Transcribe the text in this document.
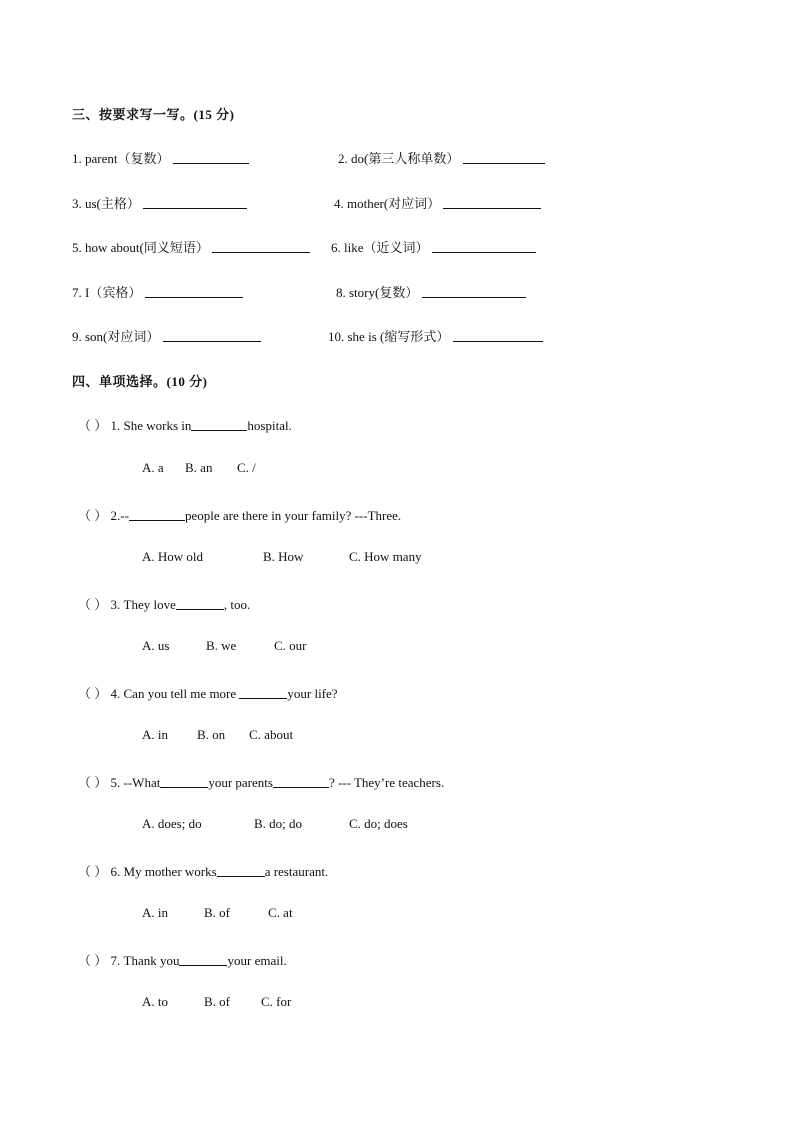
三、按要求写一写。(15 分)
1. parent（复数）	2. do(第三人称单数）
3. us(主格）	4. mother(对应词）
5. how about(同义短语）	6. like（近义词）
7. I（宾格）	8. story(复数）
9. son(对应词）	10. she is (缩写形式）
四、单项选择。(10 分)
（ ） 1. She works in	hospital.
A. a B. an C. /
（ ） 2.--	people are there in your family? ---Three.
A. How old	B. How	C. How many
（ ） 3. They love	, too.
A. us	B. we	C. our
（ ） 4. Can you tell me more	your life?
A. in B. on C. about
（ ） 5. --What	your parents	? --- They’re teachers.
A. does; do	B. do; do	C. do; does
（ ） 6. My mother works	a restaurant.
A. in	B. of	C. at
（ ） 7. Thank you	your email.
A. to	B. of C. for
